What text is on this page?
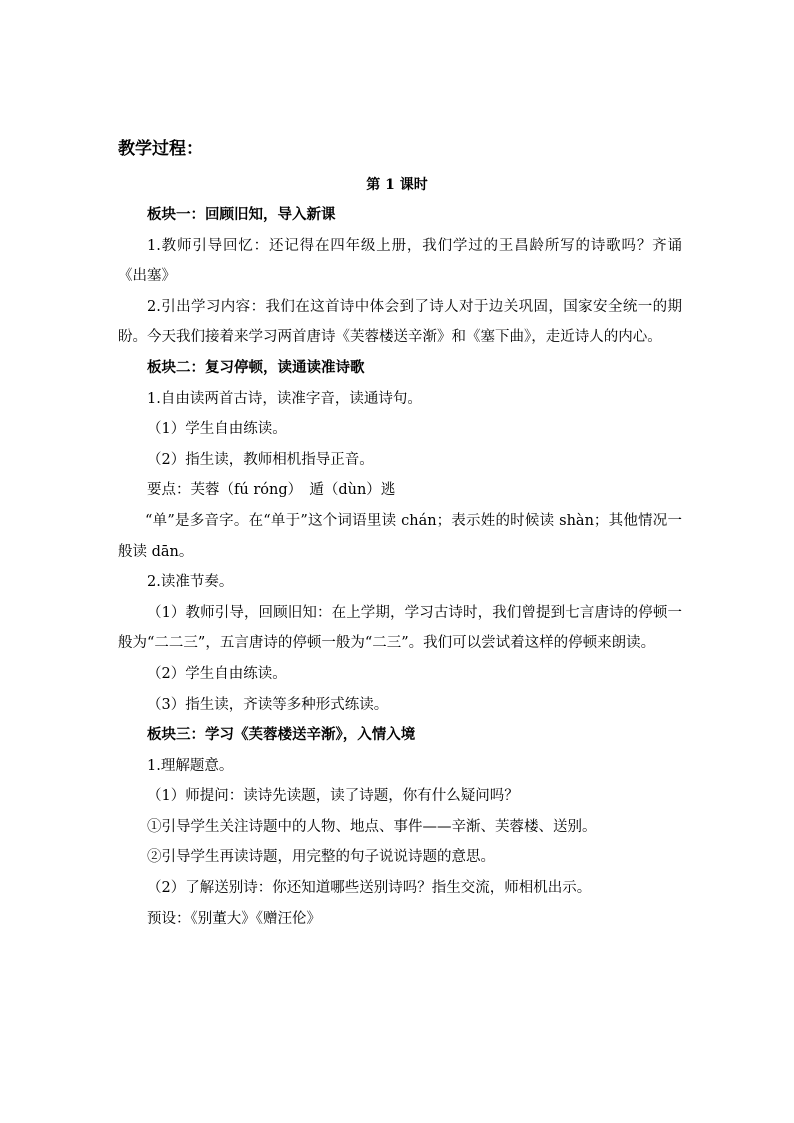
教学过程：
第 1 课时

板块一：回顾旧知，导入新课

1.教师引导回忆：还记得在四年级上册，我们学过的王昌龄所写的诗歌吗？齐诵《出塞》

2.引出学习内容：我们在这首诗中体会到了诗人对于边关巩固，国家安全统一的期盼。今天我们接着来学习两首唐诗《芙蓉楼送辛渐》和《塞下曲》，走近诗人的内心。

板块二：复习停顿，读通读准诗歌

1.自由读两首古诗，读准字音，读通诗句。

（1）学生自由练读。

（2）指生读，教师相机指导正音。

要点：芙蓉（fú róng）　遁（dùn）逃

“单”是多音字。在“单于”这个词语里读 chán；表示姓的时候读 shàn；其他情况一般读 dān。

2.读准节奏。

（1）教师引导，回顾旧知：在上学期，学习古诗时，我们曾提到七言唐诗的停顿一般为“二二三”，五言唐诗的停顿一般为“二三”。我们可以尝试着这样的停顿来朗读。

（2）学生自由练读。

（3）指生读，齐读等多种形式练读。

板块三：学习《芙蓉楼送辛渐》，入情入境

1.理解题意。

（1）师提问：读诗先读题，读了诗题，你有什么疑问吗？

①引导学生关注诗题中的人物、地点、事件——辛渐、芙蓉楼、送别。

②引导学生再读诗题，用完整的句子说说诗题的意思。

（2）了解送别诗：你还知道哪些送别诗吗？指生交流，师相机出示。

预设：《别董大》《赠汪伦》
